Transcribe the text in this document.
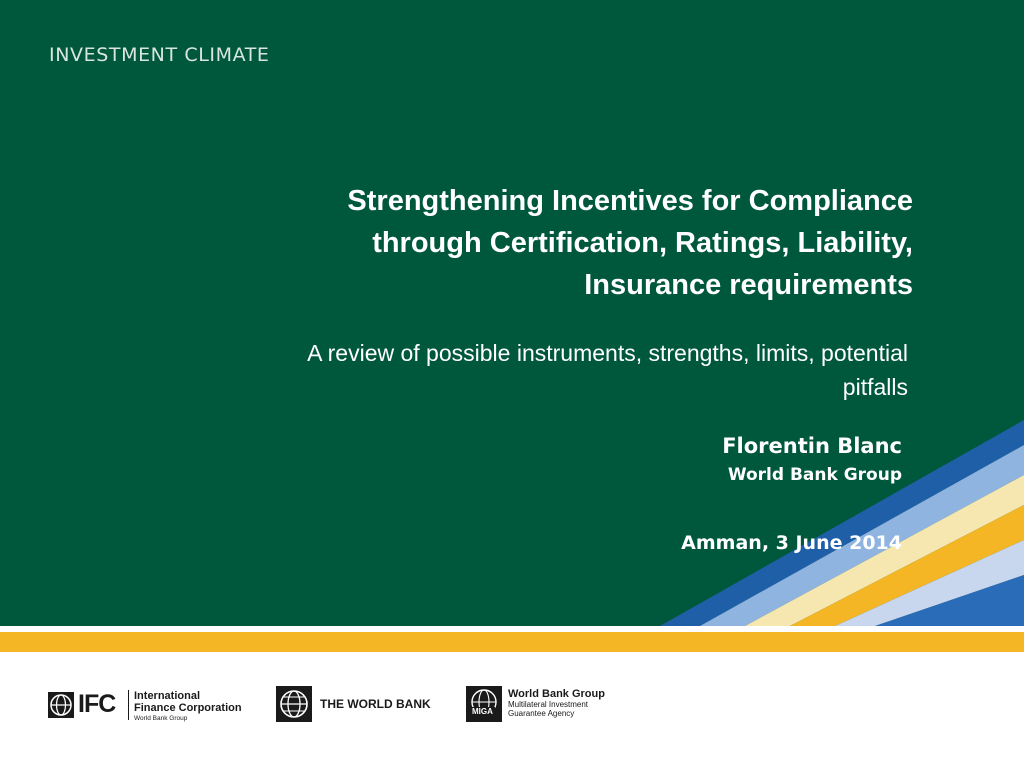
INVESTMENT CLIMATE
Strengthening Incentives for Compliance
through Certification, Ratings, Liability,
Insurance requirements
A review of possible instruments, strengths, limits, potential
pitfalls
Florentin Blanc
World Bank Group
Amman, 3 June 2014
IFC International
Finance Corporation
World Bank Group
THE WORLD BANK
MIGA
World Bank Group
Multilateral Investment
Guarantee Agency
